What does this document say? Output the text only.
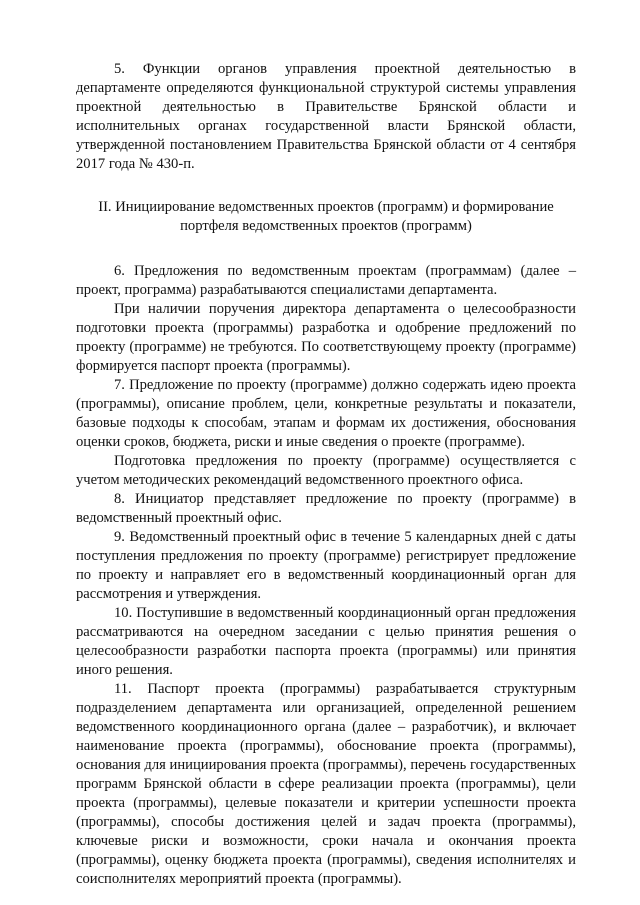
5. Функции органов управления проектной деятельностью в департаменте определяются функциональной структурой системы управления проектной деятельностью в Правительстве Брянской области и исполнительных органах государственной власти Брянской области, утвержденной постановлением Правительства Брянской области от 4 сентября 2017 года № 430-п.

II. Инициирование ведомственных проектов (программ) и формирование портфеля ведомственных проектов (программ)

6. Предложения по ведомственным проектам (программам) (далее – проект, программа) разрабатываются специалистами департамента.

При наличии поручения директора департамента о целесообразности подготовки проекта (программы) разработка и одобрение предложений по проекту (программе) не требуются. По соответствующему проекту (программе) формируется паспорт проекта (программы).

7. Предложение по проекту (программе) должно содержать идею проекта (программы), описание проблем, цели, конкретные результаты и показатели, базовые подходы к способам, этапам и формам их достижения, обоснования оценки сроков, бюджета, риски и иные сведения о проекте (программе).

Подготовка предложения по проекту (программе) осуществляется с учетом методических рекомендаций ведомственного проектного офиса.

8. Инициатор представляет предложение по проекту (программе) в ведомственный проектный офис.

9. Ведомственный проектный офис в течение 5 календарных дней с даты поступления предложения по проекту (программе) регистрирует предложение по проекту и направляет его в ведомственный координационный орган для рассмотрения и утверждения.

10. Поступившие в ведомственный координационный орган предложения рассматриваются на очередном заседании с целью принятия решения о целесообразности разработки паспорта проекта (программы) или принятия иного решения.

11. Паспорт проекта (программы) разрабатывается структурным подразделением департамента или организацией, определенной решением ведомственного координационного органа (далее – разработчик), и включает наименование проекта (программы), обоснование проекта (программы), основания для инициирования проекта (программы), перечень государственных программ Брянской области в сфере реализации проекта (программы), цели проекта (программы), целевые показатели и критерии успешности проекта (программы), способы достижения целей и задач проекта (программы), ключевые риски и возможности, сроки начала и окончания проекта (программы), оценку бюджета проекта (программы), сведения исполнителях и соисполнителях мероприятий проекта (программы).
